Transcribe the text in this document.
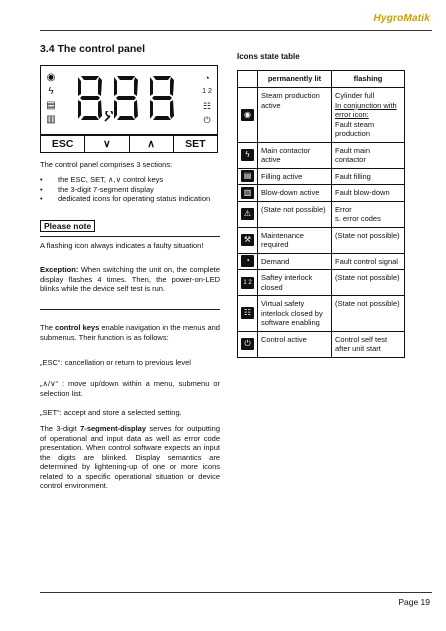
HygroMatik
3.4 The control panel
◉
ϟ
▤
▥
◔
1 2
☷
⏻
ESC	∨	∧	SET
The control panel comprises 3 sections:
• the ESC, SET, ∧,∨ control keys
• the 3-digit 7-segment display
• dedicated icons for operating status indication
Please note
A flashing icon always indicates a faulty situation!
Exception: When switching the unit on, the complete display flashes 4 times. Then, the power-on-LED blinks while the device self test is run.
The control keys enable navigation in the menus and submenus. Their function is as follows:
„ESC“: cancellation or return to previous level
„∧/∨“ : move up/down within a menu, submenu or selection list.
„SET“: accept and store a selected setting.
The 3-digit 7-segment-display serves for outputting of operational and input data as well as error code presentation. When control software expects an input the digits are blinked. Display semantics are determined by lightening-up of one or more icons related to a specific operational situation or device control environment.
Icons state table
	permanently lit	flashing
◉	Steam production active	Cylinder full
In conjunction with error icon:
Fault steam production

ϟ	Main contactor active	Fault main contactor
▤	Filling active	Fault filling
▥	Blow-down active	Fault blow-down
⚠	(State not possible)	Error
s. error codes

⚒	Maintenance required	(State not possible)
◔	Demand	Fault control signal
1 2	Saftey interlock closed	(State not possible)
☷	Virtual safety interlock closed by software enabling	(State not possible)
⏻	Control active	Control self test after unit start
Page 19
